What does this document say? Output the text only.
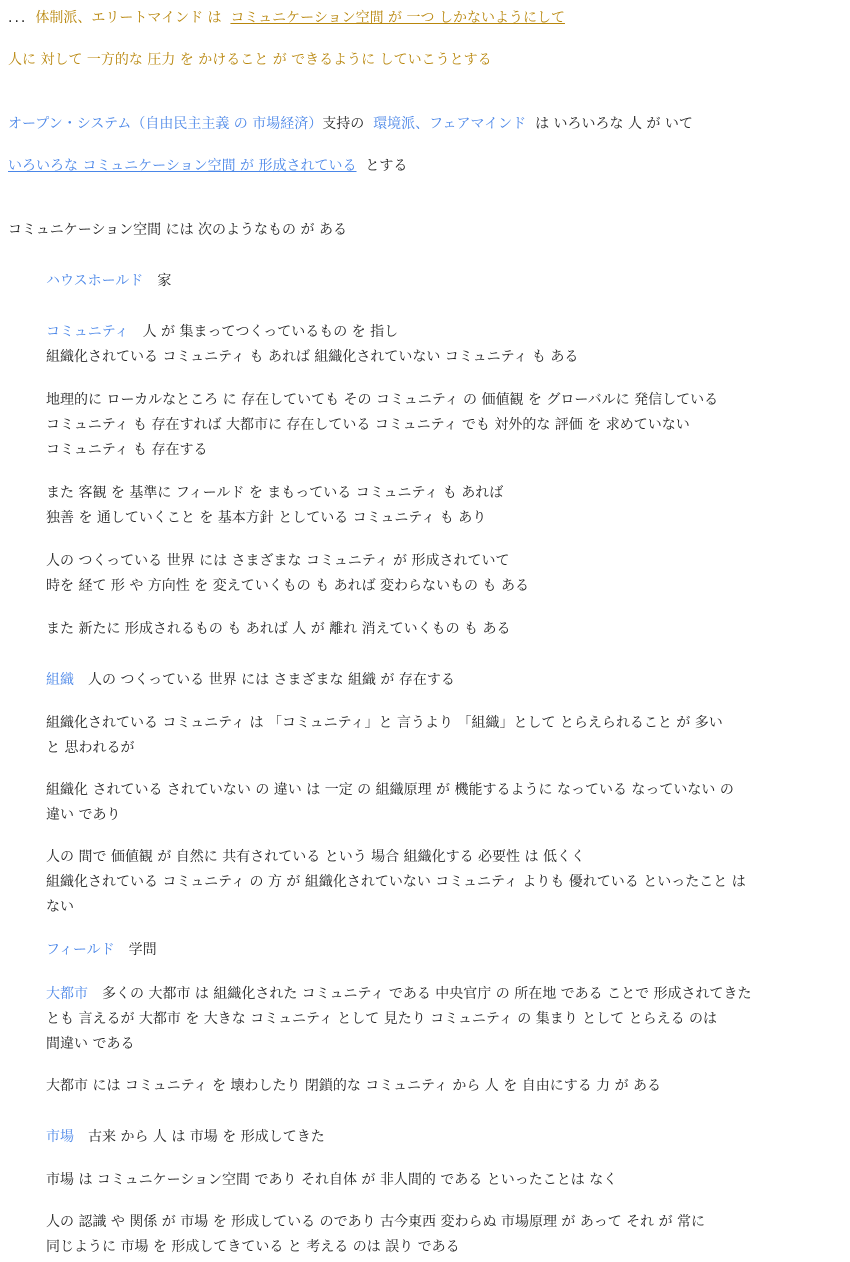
... 体制派、エリートマインド は コミュニケーション空間 が 一つ しかないようにして
人に 対して 一方的な 圧力 を かけること が できるように していこうとする
オープン・システム（自由民主主義 の 市場経済）支持の 環境派、フェアマインド は いろいろな 人 が いて
いろいろな コミュニケーション空間 が 形成されている とする
コミュニケーション空間 には 次のようなもの が ある
ハウスホールド 家
コミュニティ 人 が 集まってつくっているもの を 指し
組織化されている コミュニティ も あれば 組織化されていない コミュニティ も ある
地理的に ローカルなところ に 存在していても その コミュニティ の 価値観 を グローバルに 発信している
コミュニティ も 存在すれば 大都市に 存在している コミュニティ でも 対外的な 評価 を 求めていない
コミュニティ も 存在する
また 客観 を 基準に フィールド を まもっている コミュニティ も あれば
独善 を 通していくこと を 基本方針 としている コミュニティ も あり
人の つくっている 世界 には さまざまな コミュニティ が 形成されていて
時を 経て 形 や 方向性 を 変えていくもの も あれば 変わらないもの も ある
また 新たに 形成されるもの も あれば 人 が 離れ 消えていくもの も ある
組織 人の つくっている 世界 には さまざまな 組織 が 存在する
組織化されている コミュニティ は 「コミュニティ」と 言うより 「組織」として とらえられること が 多い
と 思われるが
組織化 されている されていない の 違い は 一定 の 組織原理 が 機能するように なっている なっていない の
違い であり
人の 間で 価値観 が 自然に 共有されている という 場合 組織化する 必要性 は 低くく
組織化されている コミュニティ の 方 が 組織化されていない コミュニティ よりも 優れている といったこと は
ない
フィールド 学問
大都市 多くの 大都市 は 組織化された コミュニティ である 中央官庁 の 所在地 である ことで 形成されてきた
とも 言えるが 大都市 を 大きな コミュニティ として 見たり コミュニティ の 集まり として とらえる のは
間違い である
大都市 には コミュニティ を 壊わしたり 閉鎖的な コミュニティ から 人 を 自由にする 力 が ある
市場 古来 から 人 は 市場 を 形成してきた
市場 は コミュニケーション空間 であり それ自体 が 非人間的 である といったことは なく
人の 認識 や 関係 が 市場 を 形成している のであり 古今東西 変わらぬ 市場原理 が あって それ が 常に
同じように 市場 を 形成してきている と 考える のは 誤り である
